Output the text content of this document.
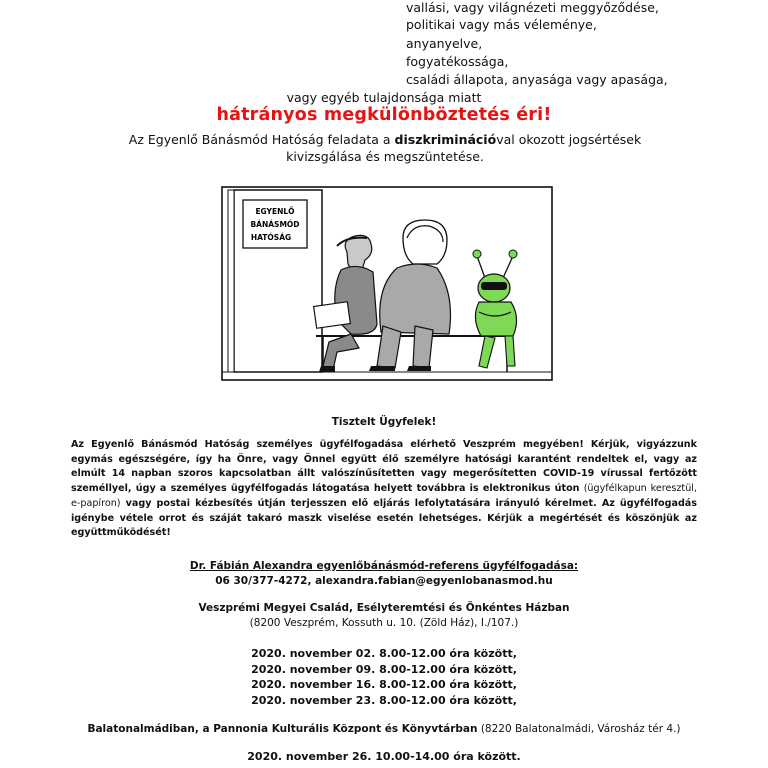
vallási, vagy világnézeti meggyőződése,
politikai vagy más véleménye,
anyanyelve,
fogyatékossága,
családi állapota, anyasága vagy apasága,
vagy egyéb tulajdonsága miatt
hátrányos megkülönböztetés éri!
Az Egyenlő Bánásmód Hatóság feladata a diszkriminációval okozott jogsértések kivizsgálása és megszüntetése.
EGYENLŐ
BÁNÁSMÓD
HATÓSÁG
Tisztelt Ügyfelek!
Az Egyenlő Bánásmód Hatóság személyes ügyfélfogadása elérhető Veszprém megyében! Kérjük, vigyázzunk egymás egészségére, így ha Önre, vagy Önnel együtt élő személyre hatósági karantént rendeltek el, vagy az elmúlt 14 napban szoros kapcsolatban állt valószínűsítetten vagy megerősítetten COVID-19 vírussal fertőzött személlyel, úgy a személyes ügyfélfogadás látogatása helyett továbbra is elektronikus úton (ügyfélkapun keresztül, e-papíron) vagy postai kézbesítés útján terjesszen elő eljárás lefolytatására irányuló kérelmet. Az ügyfélfogadás igénybe vétele orrot és száját takaró maszk viselése esetén lehetséges. Kérjük a megértését és köszönjük az együttműködését!
Dr. Fábián Alexandra egyenlőbánásmód-referens ügyfélfogadása:
06 30/377-4272, alexandra.fabian@egyenlobanasmod.hu
Veszprémi Megyei Család, Esélyteremtési és Önkéntes Házban
(8200 Veszprém, Kossuth u. 10. (Zöld Ház), I./107.)
2020. november 02. 8.00-12.00 óra között,
2020. november 09. 8.00-12.00 óra között,
2020. november 16. 8.00-12.00 óra között,
2020. november 23. 8.00-12.00 óra között,
Balatonalmádiban, a Pannonia Kulturális Központ és Könyvtárban (8220 Balatonalmádi, Városház tér 4.)
2020. november 26. 10.00-14.00 óra között.
